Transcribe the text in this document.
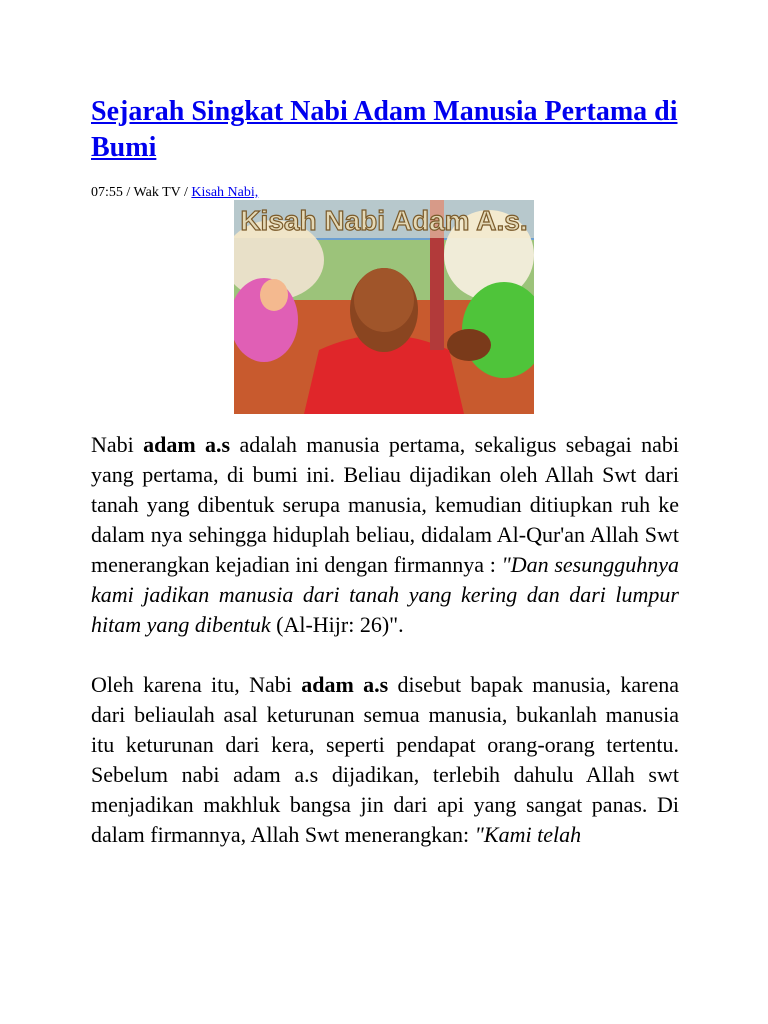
Sejarah Singkat Nabi Adam Manusia Pertama di Bumi
07:55 / Wak TV / Kisah Nabi,
Kisah Nabi Adam A.s.

Nabi adam a.s adalah manusia pertama, sekaligus sebagai nabi yang pertama, di bumi ini. Beliau dijadikan oleh Allah Swt dari tanah yang dibentuk serupa manusia, kemudian ditiupkan ruh ke dalam nya sehingga hiduplah beliau, didalam Al-Qur'an Allah Swt menerangkan kejadian ini dengan firmannya : "Dan sesungguhnya kami jadikan manusia dari tanah yang kering dan dari lumpur hitam yang dibentuk (Al-Hijr: 26)".

Oleh karena itu, Nabi adam a.s disebut bapak manusia, karena dari beliaulah asal keturunan semua manusia, bukanlah manusia itu keturunan dari kera, seperti pendapat orang-orang tertentu. Sebelum nabi adam a.s dijadikan, terlebih dahulu Allah swt menjadikan makhluk bangsa jin dari api yang sangat panas. Di dalam firmannya, Allah Swt menerangkan: "Kami telah
